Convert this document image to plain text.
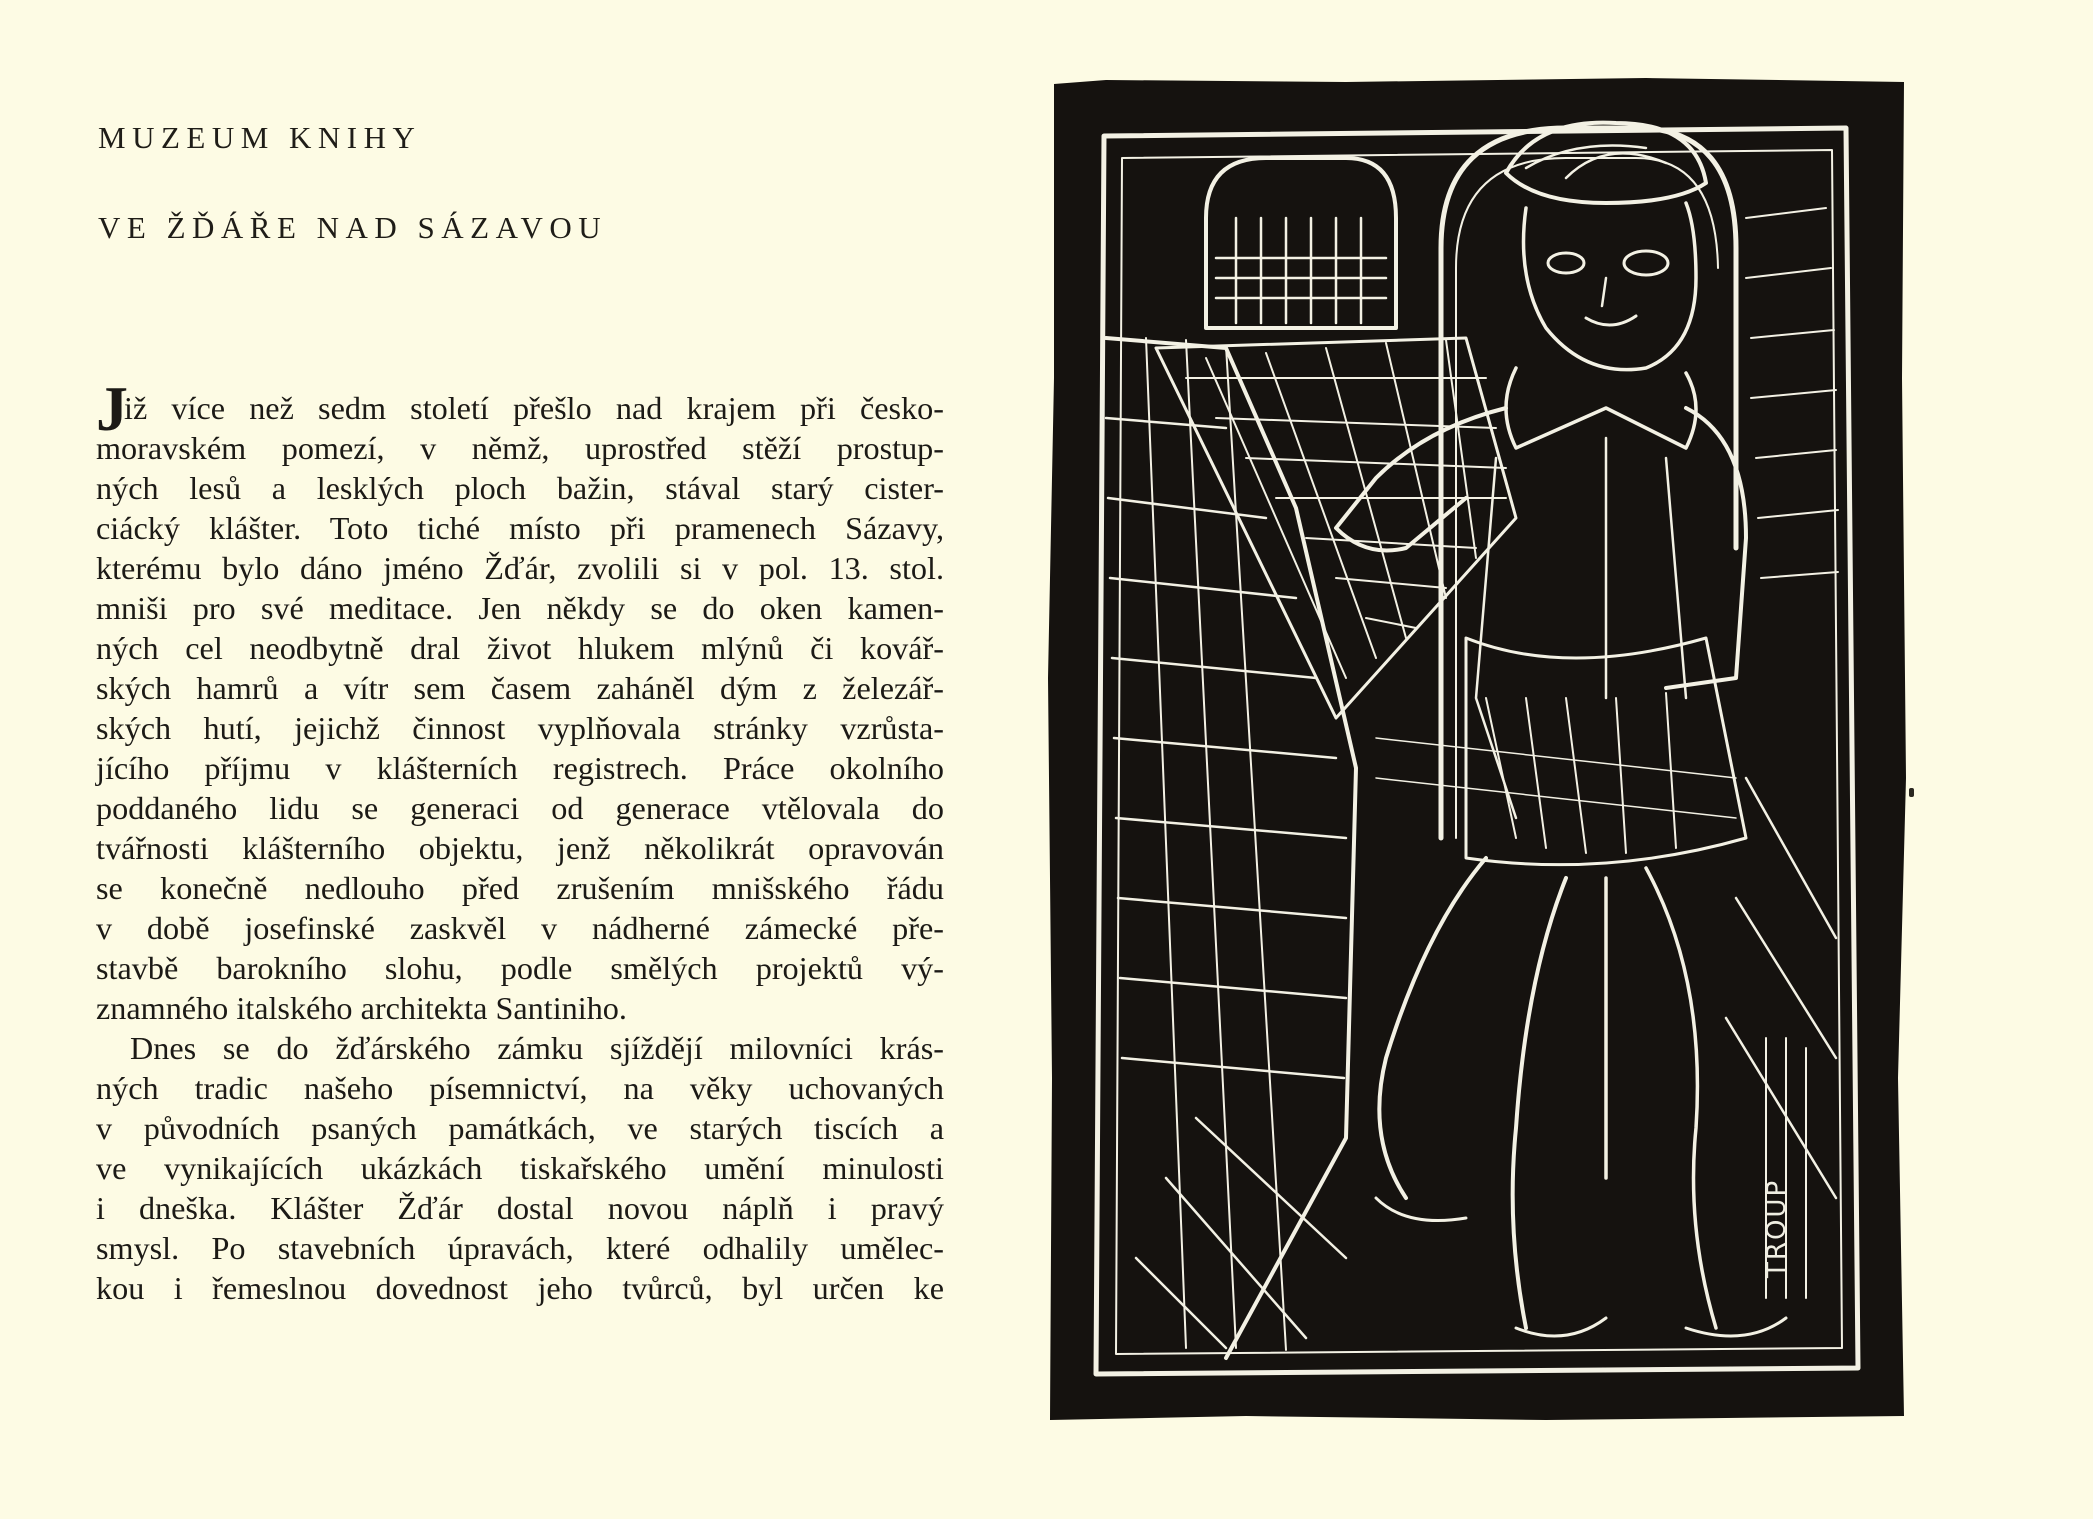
MUZEUM KNIHY
VE ŽĎÁŘE NAD SÁZAVOU
J
iž více než sedm století přešlo nad krajem při česko-
moravském pomezí, v němž, uprostřed stěží prostup-
ných lesů a lesklých ploch bažin, stával starý cister-
ciácký klášter. Toto tiché místo při pramenech Sázavy,
kterému bylo dáno jméno Žďár, zvolili si v pol. 13. stol.
mniši pro své meditace. Jen někdy se do oken kamen-
ných cel neodbytně dral život hlukem mlýnů či kovář-
ských hamrů a vítr sem časem zaháněl dým z železář-
ských hutí, jejichž činnost vyplňovala stránky vzrůsta-
jícího příjmu v klášterních registrech. Práce okolního
poddaného lidu se generaci od generace vtělovala do
tvářnosti klášterního objektu, jenž několikrát opravován
se konečně nedlouho před zrušením mnišského řádu
v době josefinské zaskvěl v nádherné zámecké pře-
stavbě barokního slohu, podle smělých projektů vý-
znamného italského architekta Santiniho.
Dnes se do žďárského zámku sjíždějí milovníci krás-
ných tradic našeho písemnictví, na věky uchovaných
v původních psaných památkách, ve starých tiscích a
ve vynikajících ukázkách tiskařského umění minulosti
i dneška. Klášter Žďár dostal novou náplň i pravý
smysl. Po stavebních úpravách, které odhalily umělec-
kou i řemeslnou dovednost jeho tvůrců, byl určen ke
TROUP
